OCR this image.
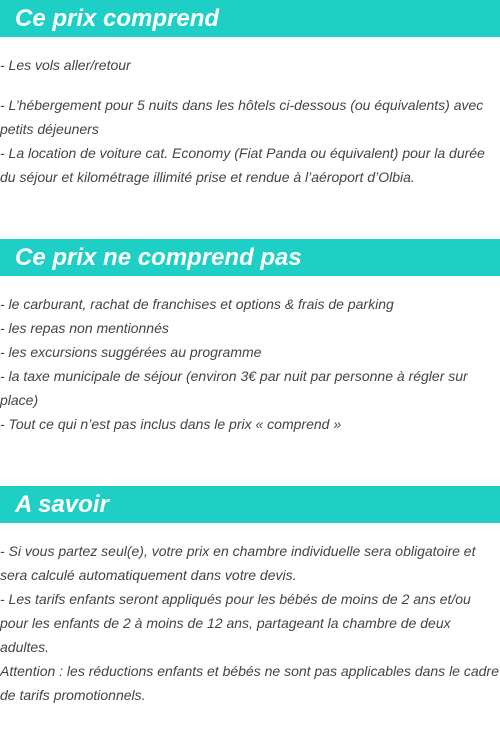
Ce prix comprend
- Les vols aller/retour
- L’hébergement pour 5 nuits dans les hôtels ci-dessous (ou équivalents) avec petits déjeuners
- La location de voiture cat. Economy (Fiat Panda ou équivalent) pour la durée du séjour et kilométrage illimité prise et rendue à l’aéroport d’Olbia.
Ce prix ne comprend pas
- le carburant, rachat de franchises et options & frais de parking
- les repas non mentionnés
- les excursions suggérées au programme
- la taxe municipale de séjour (environ 3€ par nuit par personne à régler sur place)
- Tout ce qui n’est pas inclus dans le prix « comprend »
A savoir
- Si vous partez seul(e), votre prix en chambre individuelle sera obligatoire et sera calculé automatiquement dans votre devis.
- Les tarifs enfants seront appliqués pour les bébés de moins de 2 ans et/ou pour les enfants de 2 à moins de 12 ans, partageant la chambre de deux adultes.
Attention : les réductions enfants et bébés ne sont pas applicables dans le cadre de tarifs promotionnels.
